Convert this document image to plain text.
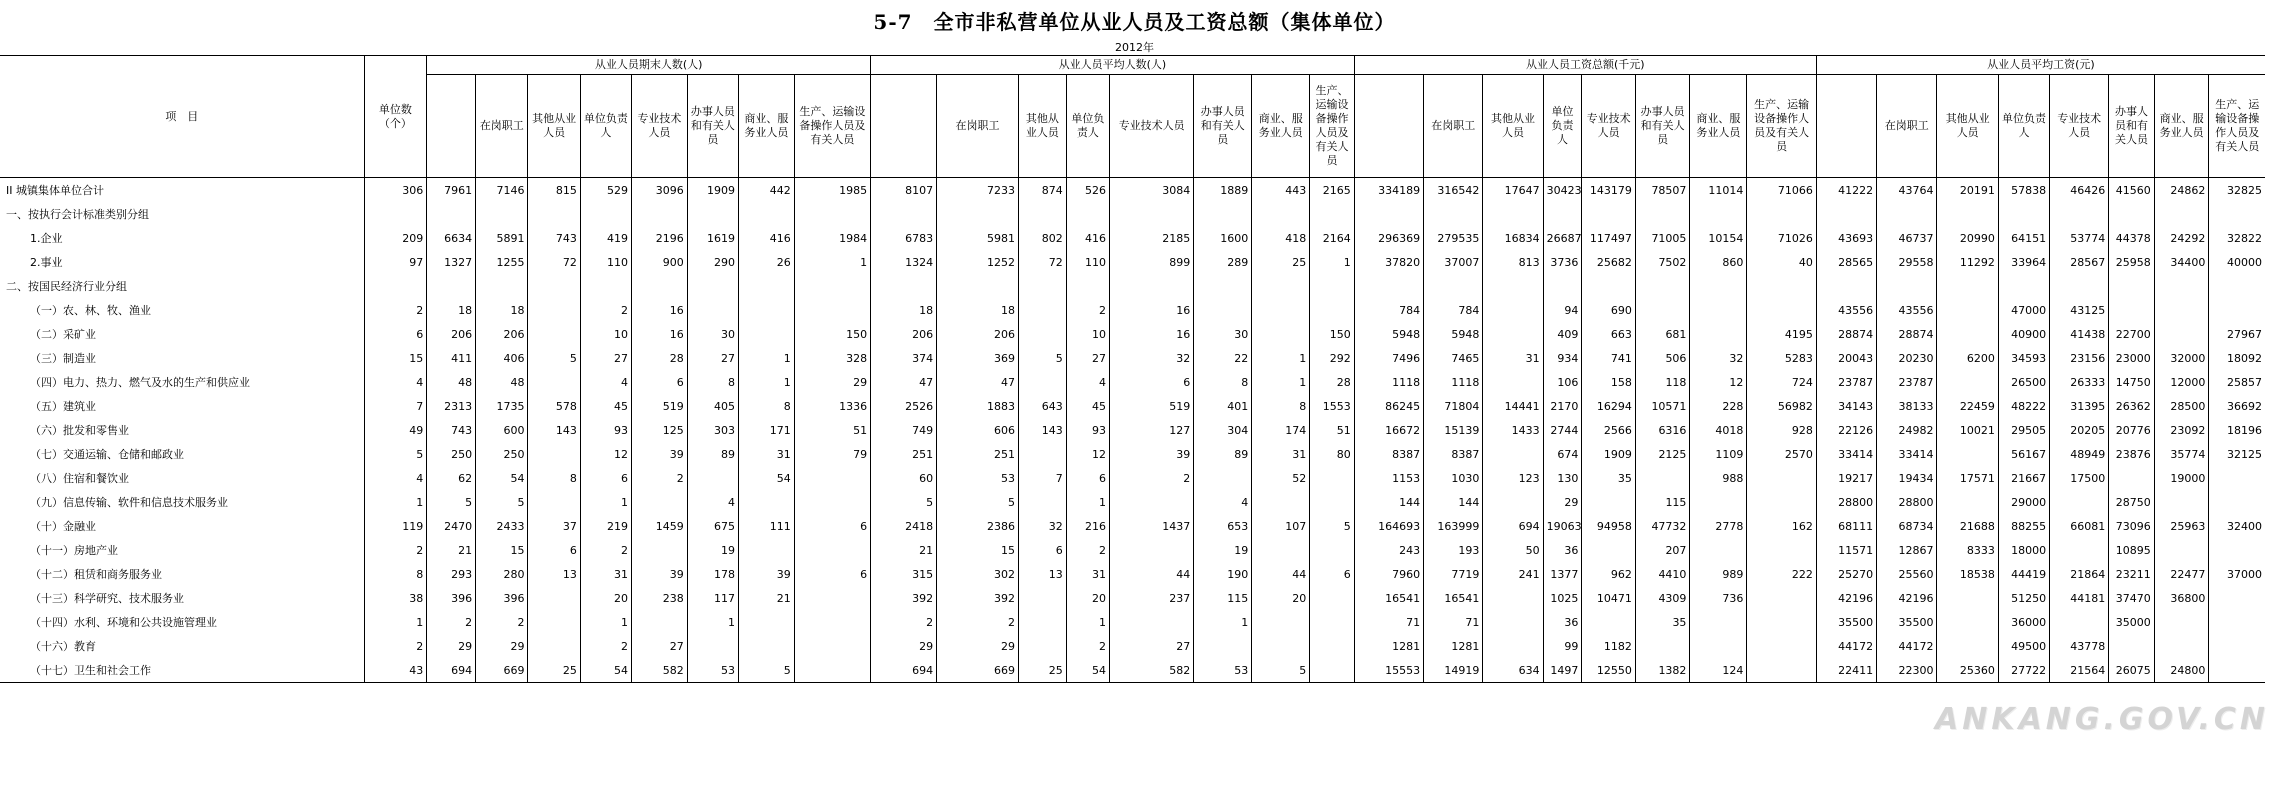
5-7　全市非私营单位从业人员及工资总额（集体单位）
2012年
项　目	单位数（个）	从业人员期末人数(人)								从业人员平均人数(人)								从业人员工资总额(千元)								从业人员平均工资(元)							
			在岗职工	其他从业人员	单位负责人	专业技术人员	办事人员和有关人员	商业、服务业人员	生产、运输设备操作人员及有关人员		在岗职工	其他从业人员	单位负责人	专业技术人员	办事人员和有关人员	商业、服务业人员	生产、运输设备操作人员及有关人员		在岗职工	其他从业人员	单位负责人	专业技术人员	办事人员和有关人员	商业、服务业人员	生产、运输设备操作人员及有关人员		在岗职工	其他从业人员	单位负责人	专业技术人员	办事人员和有关人员	商业、服务业人员	生产、运输设备操作人员及有关人员
II 城镇集体单位合计	306	7961	7146	815	529	3096	1909	442	1985	8107	7233	874	526	3084	1889	443	2165	334189	316542	17647	30423	143179	78507	11014	71066	41222	43764	20191	57838	46426	41560	24862	32825
一、按执行会计标准类别分组																																	
1.企业	209	6634	5891	743	419	2196	1619	416	1984	6783	5981	802	416	2185	1600	418	2164	296369	279535	16834	26687	117497	71005	10154	71026	43693	46737	20990	64151	53774	44378	24292	32822
2.事业	97	1327	1255	72	110	900	290	26	1	1324	1252	72	110	899	289	25	1	37820	37007	813	3736	25682	7502	860	40	28565	29558	11292	33964	28567	25958	34400	40000
二、按国民经济行业分组																																	
（一）农、林、牧、渔业	2	18	18		2	16				18	18		2	16				784	784		94	690				43556	43556		47000	43125			
（二）采矿业	6	206	206		10	16	30		150	206	206		10	16	30		150	5948	5948		409	663	681		4195	28874	28874		40900	41438	22700		27967
（三）制造业	15	411	406	5	27	28	27	1	328	374	369	5	27	32	22	1	292	7496	7465	31	934	741	506	32	5283	20043	20230	6200	34593	23156	23000	32000	18092
（四）电力、热力、燃气及水的生产和供应业	4	48	48		4	6	8	1	29	47	47		4	6	8	1	28	1118	1118		106	158	118	12	724	23787	23787		26500	26333	14750	12000	25857
（五）建筑业	7	2313	1735	578	45	519	405	8	1336	2526	1883	643	45	519	401	8	1553	86245	71804	14441	2170	16294	10571	228	56982	34143	38133	22459	48222	31395	26362	28500	36692
（六）批发和零售业	49	743	600	143	93	125	303	171	51	749	606	143	93	127	304	174	51	16672	15139	1433	2744	2566	6316	4018	928	22126	24982	10021	29505	20205	20776	23092	18196
（七）交通运输、仓储和邮政业	5	250	250		12	39	89	31	79	251	251		12	39	89	31	80	8387	8387		674	1909	2125	1109	2570	33414	33414		56167	48949	23876	35774	32125
（八）住宿和餐饮业	4	62	54	8	6	2		54		60	53	7	6	2		52		1153	1030	123	130	35		988		19217	19434	17571	21667	17500		19000	
（九）信息传输、软件和信息技术服务业	1	5	5		1		4			5	5		1		4			144	144		29		115			28800	28800		29000		28750		
（十）金融业	119	2470	2433	37	219	1459	675	111	6	2418	2386	32	216	1437	653	107	5	164693	163999	694	19063	94958	47732	2778	162	68111	68734	21688	88255	66081	73096	25963	32400
（十一）房地产业	2	21	15	6	2		19			21	15	6	2		19			243	193	50	36		207			11571	12867	8333	18000		10895		
（十二）租赁和商务服务业	8	293	280	13	31	39	178	39	6	315	302	13	31	44	190	44	6	7960	7719	241	1377	962	4410	989	222	25270	25560	18538	44419	21864	23211	22477	37000
（十三）科学研究、技术服务业	38	396	396		20	238	117	21		392	392		20	237	115	20		16541	16541		1025	10471	4309	736		42196	42196		51250	44181	37470	36800	
（十四）水利、环境和公共设施管理业	1	2	2		1		1			2	2		1		1			71	71		36		35			35500	35500		36000		35000		
（十六）教育	2	29	29		2	27				29	29		2	27				1281	1281		99	1182				44172	44172		49500	43778			
（十七）卫生和社会工作	43	694	669	25	54	582	53	5		694	669	25	54	582	53	5		15553	14919	634	1497	12550	1382	124		22411	22300	25360	27722	21564	26075	24800	
ANKANG.GOV.CN
